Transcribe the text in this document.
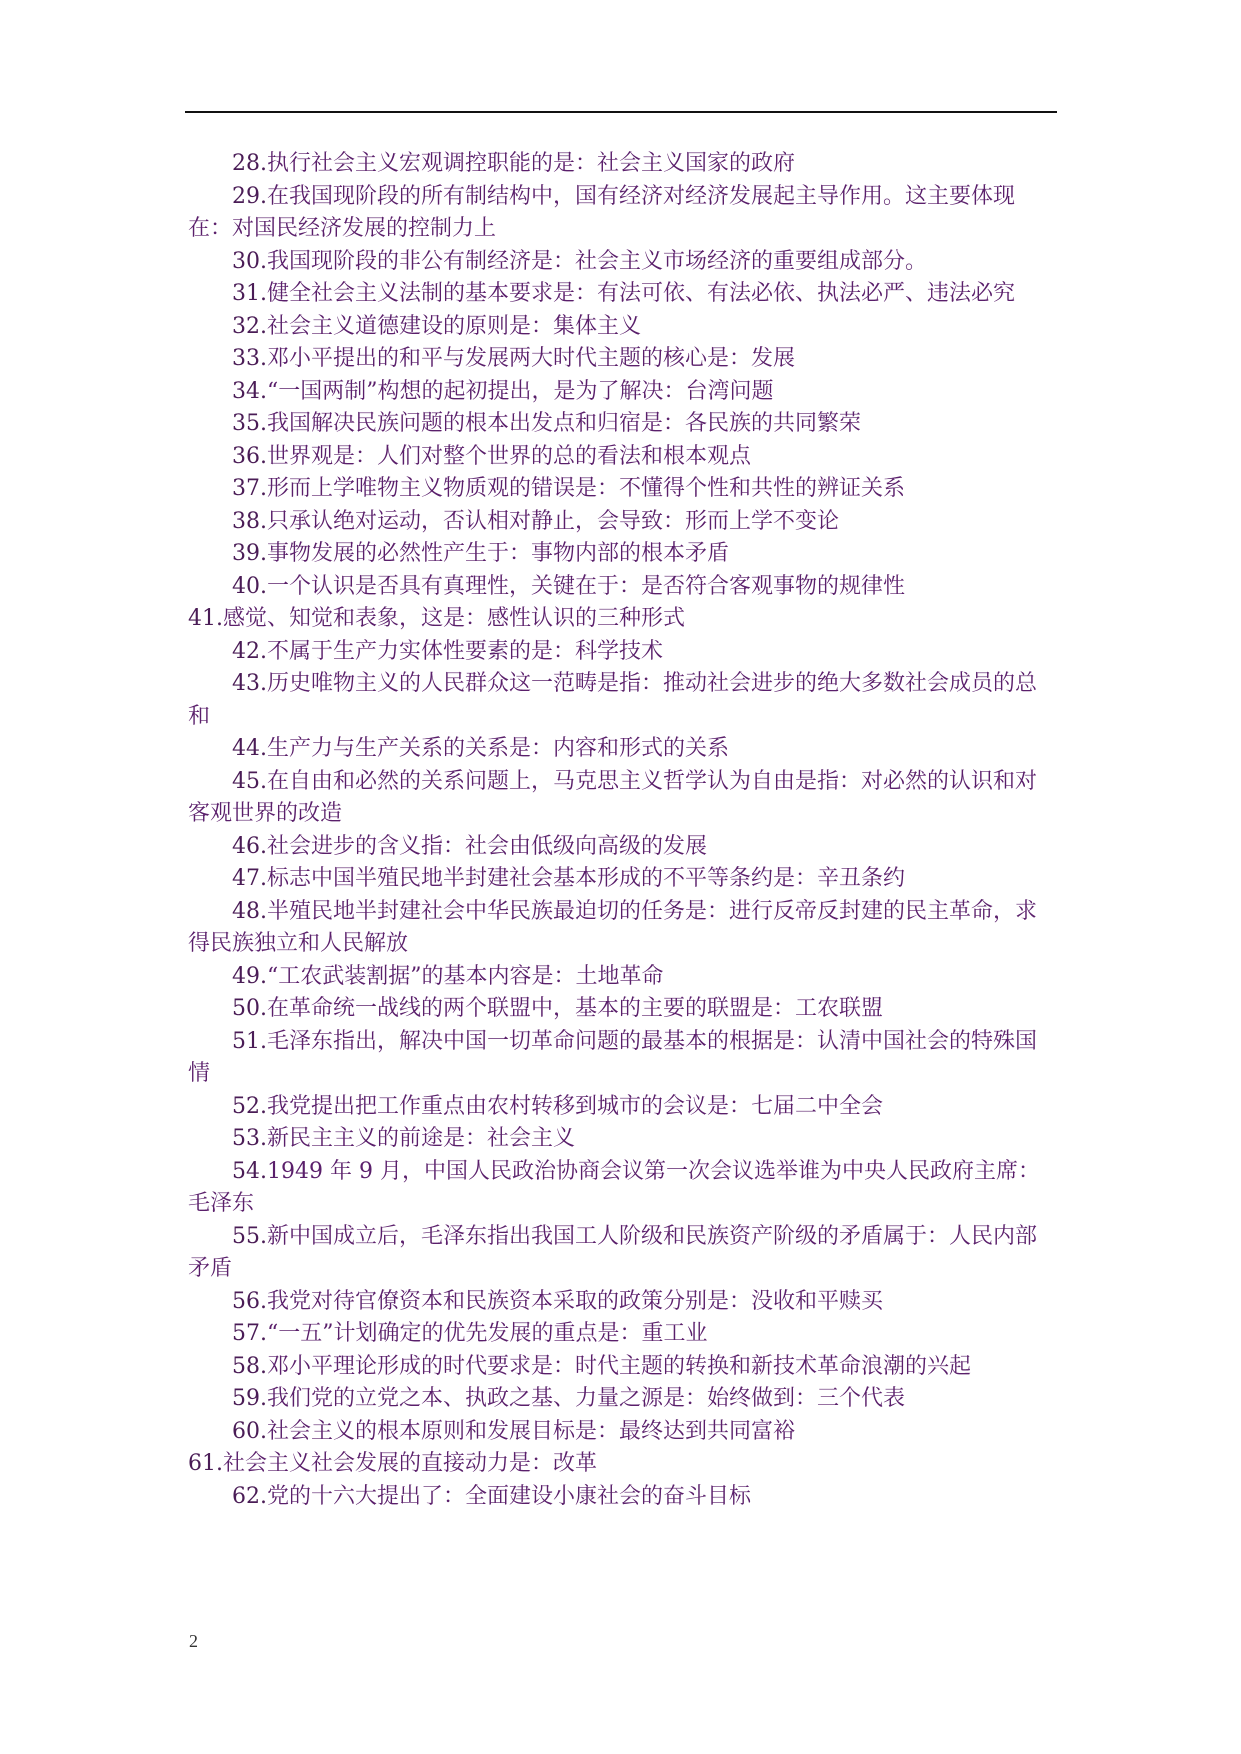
28.执行社会主义宏观调控职能的是：社会主义国家的政府

29.在我国现阶段的所有制结构中，国有经济对经济发展起主导作用。这主要体现在：对国民经济发展的控制力上

30.我国现阶段的非公有制经济是：社会主义市场经济的重要组成部分。

31.健全社会主义法制的基本要求是：有法可依、有法必依、执法必严、违法必究

32.社会主义道德建设的原则是：集体主义

33.邓小平提出的和平与发展两大时代主题的核心是：发展

34.“一国两制”构想的起初提出，是为了解决：台湾问题

35.我国解决民族问题的根本出发点和归宿是：各民族的共同繁荣

36.世界观是：人们对整个世界的总的看法和根本观点

37.形而上学唯物主义物质观的错误是：不懂得个性和共性的辨证关系

38.只承认绝对运动，否认相对静止，会导致：形而上学不变论

39.事物发展的必然性产生于：事物内部的根本矛盾

40.一个认识是否具有真理性，关键在于：是否符合客观事物的规律性

41.感觉、知觉和表象，这是：感性认识的三种形式

42.不属于生产力实体性要素的是：科学技术

43.历史唯物主义的人民群众这一范畴是指：推动社会进步的绝大多数社会成员的总和

44.生产力与生产关系的关系是：内容和形式的关系

45.在自由和必然的关系问题上，马克思主义哲学认为自由是指：对必然的认识和对客观世界的改造

46.社会进步的含义指：社会由低级向高级的发展

47.标志中国半殖民地半封建社会基本形成的不平等条约是：辛丑条约

48.半殖民地半封建社会中华民族最迫切的任务是：进行反帝反封建的民主革命，求得民族独立和人民解放

49.“工农武装割据”的基本内容是：土地革命

50.在革命统一战线的两个联盟中，基本的主要的联盟是：工农联盟

51.毛泽东指出，解决中国一切革命问题的最基本的根据是：认清中国社会的特殊国情

52.我党提出把工作重点由农村转移到城市的会议是：七届二中全会

53.新民主主义的前途是：社会主义

54.1949 年 9 月，中国人民政治协商会议第一次会议选举谁为中央人民政府主席：毛泽东

55.新中国成立后，毛泽东指出我国工人阶级和民族资产阶级的矛盾属于：人民内部矛盾

56.我党对待官僚资本和民族资本采取的政策分别是：没收和平赎买

57.“一五”计划确定的优先发展的重点是：重工业

58.邓小平理论形成的时代要求是：时代主题的转换和新技术革命浪潮的兴起

59.我们党的立党之本、执政之基、力量之源是：始终做到：三个代表

60.社会主义的根本原则和发展目标是：最终达到共同富裕

61.社会主义社会发展的直接动力是：改革

62.党的十六大提出了：全面建设小康社会的奋斗目标

2
